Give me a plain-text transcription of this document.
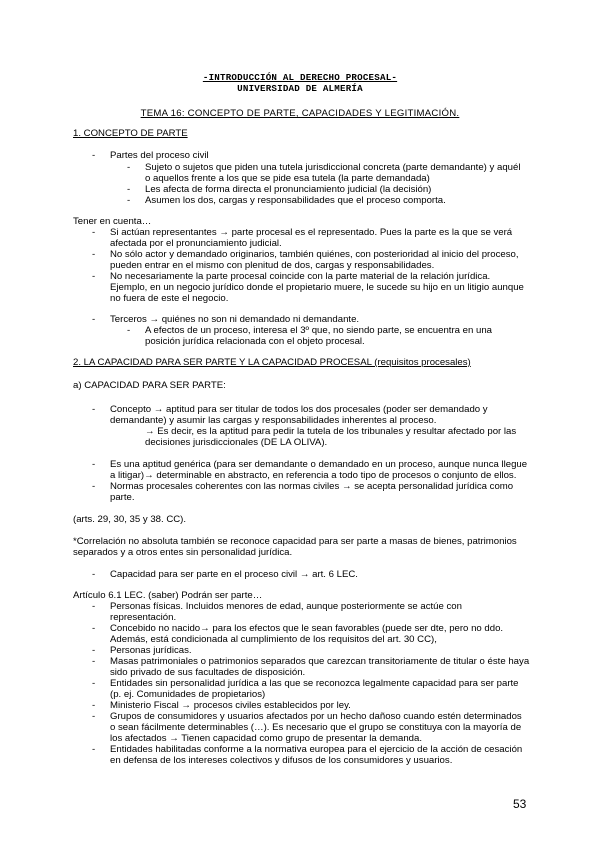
-INTRODUCCIÓN AL DERECHO PROCESAL-
UNIVERSIDAD DE ALMERÍA
TEMA 16: CONCEPTO DE PARTE, CAPACIDADES Y LEGITIMACIÓN.
1. CONCEPTO DE PARTE
- Partes del proceso civil
- Sujeto o sujetos que piden una tutela jurisdiccional concreta (parte demandante) y aquél
o aquellos frente a los que se pide esa tutela (la parte demandada)
- Les afecta de forma directa el pronunciamiento judicial (la decisión)
- Asumen los dos, cargas y responsabilidades que el proceso comporta.
Tener en cuenta…
- Si actúan representantes → parte procesal es el representado. Pues la parte es la que se verá
afectada por el pronunciamiento judicial.
- No sólo actor y demandado originarios, también quiénes, con posterioridad al inicio del proceso,
pueden entrar en el mismo con plenitud de dos, cargas y responsabilidades.
- No necesariamente la parte procesal coincide con la parte material de la relación jurídica.
Ejemplo, en un negocio jurídico donde el propietario muere, le sucede su hijo en un litigio aunque
no fuera de este el negocio.
- Terceros → quiénes no son ni demandado ni demandante.
- A efectos de un proceso, interesa el 3º que, no siendo parte, se encuentra en una
posición jurídica relacionada con el objeto procesal.
2. LA CAPACIDAD PARA SER PARTE Y LA CAPACIDAD PROCESAL (requisitos procesales)
a) CAPACIDAD PARA SER PARTE:
- Concepto → aptitud para ser titular de todos los dos procesales (poder ser demandado y
demandante) y asumir las cargas y responsabilidades inherentes al proceso.
→ Es decir, es la aptitud para pedir la tutela de los tribunales y resultar afectado por las
decisiones jurisdiccionales (DE LA OLIVA).
- Es una aptitud genérica (para ser demandante o demandado en un proceso, aunque nunca llegue
a litigar)→ determinable en abstracto, en referencia a todo tipo de procesos o conjunto de ellos.
- Normas procesales coherentes con las normas civiles → se acepta personalidad jurídica como
parte.
(arts. 29, 30, 35 y 38. CC).
*Correlación no absoluta también se reconoce capacidad para ser parte a masas de bienes, patrimonios
separados y a otros entes sin personalidad jurídica.
- Capacidad para ser parte en el proceso civil → art. 6 LEC.
Artículo 6.1 LEC. (saber) Podrán ser parte…
- Personas físicas. Incluidos menores de edad, aunque posteriormente se actúe con
representación.
- Concebido no nacido→ para los efectos que le sean favorables (puede ser dte, pero no ddo.
Además, está condicionada al cumplimiento de los requisitos del art. 30 CC),
- Personas jurídicas.
- Masas patrimoniales o patrimonios separados que carezcan transitoriamente de titular o éste haya
sido privado de sus facultades de disposición.
- Entidades sin personalidad jurídica a las que se reconozca legalmente capacidad para ser parte
(p. ej. Comunidades de propietarios)
- Ministerio Fiscal → procesos civiles establecidos por ley.
- Grupos de consumidores y usuarios afectados por un hecho dañoso cuando estén determinados
o sean fácilmente determinables (…). Es necesario que el grupo se constituya con la mayoría de
los afectados → Tienen capacidad como grupo de presentar la demanda.
- Entidades habilitadas conforme a la normativa europea para el ejercicio de la acción de cesación
en defensa de los intereses colectivos y difusos de los consumidores y usuarios.
53
